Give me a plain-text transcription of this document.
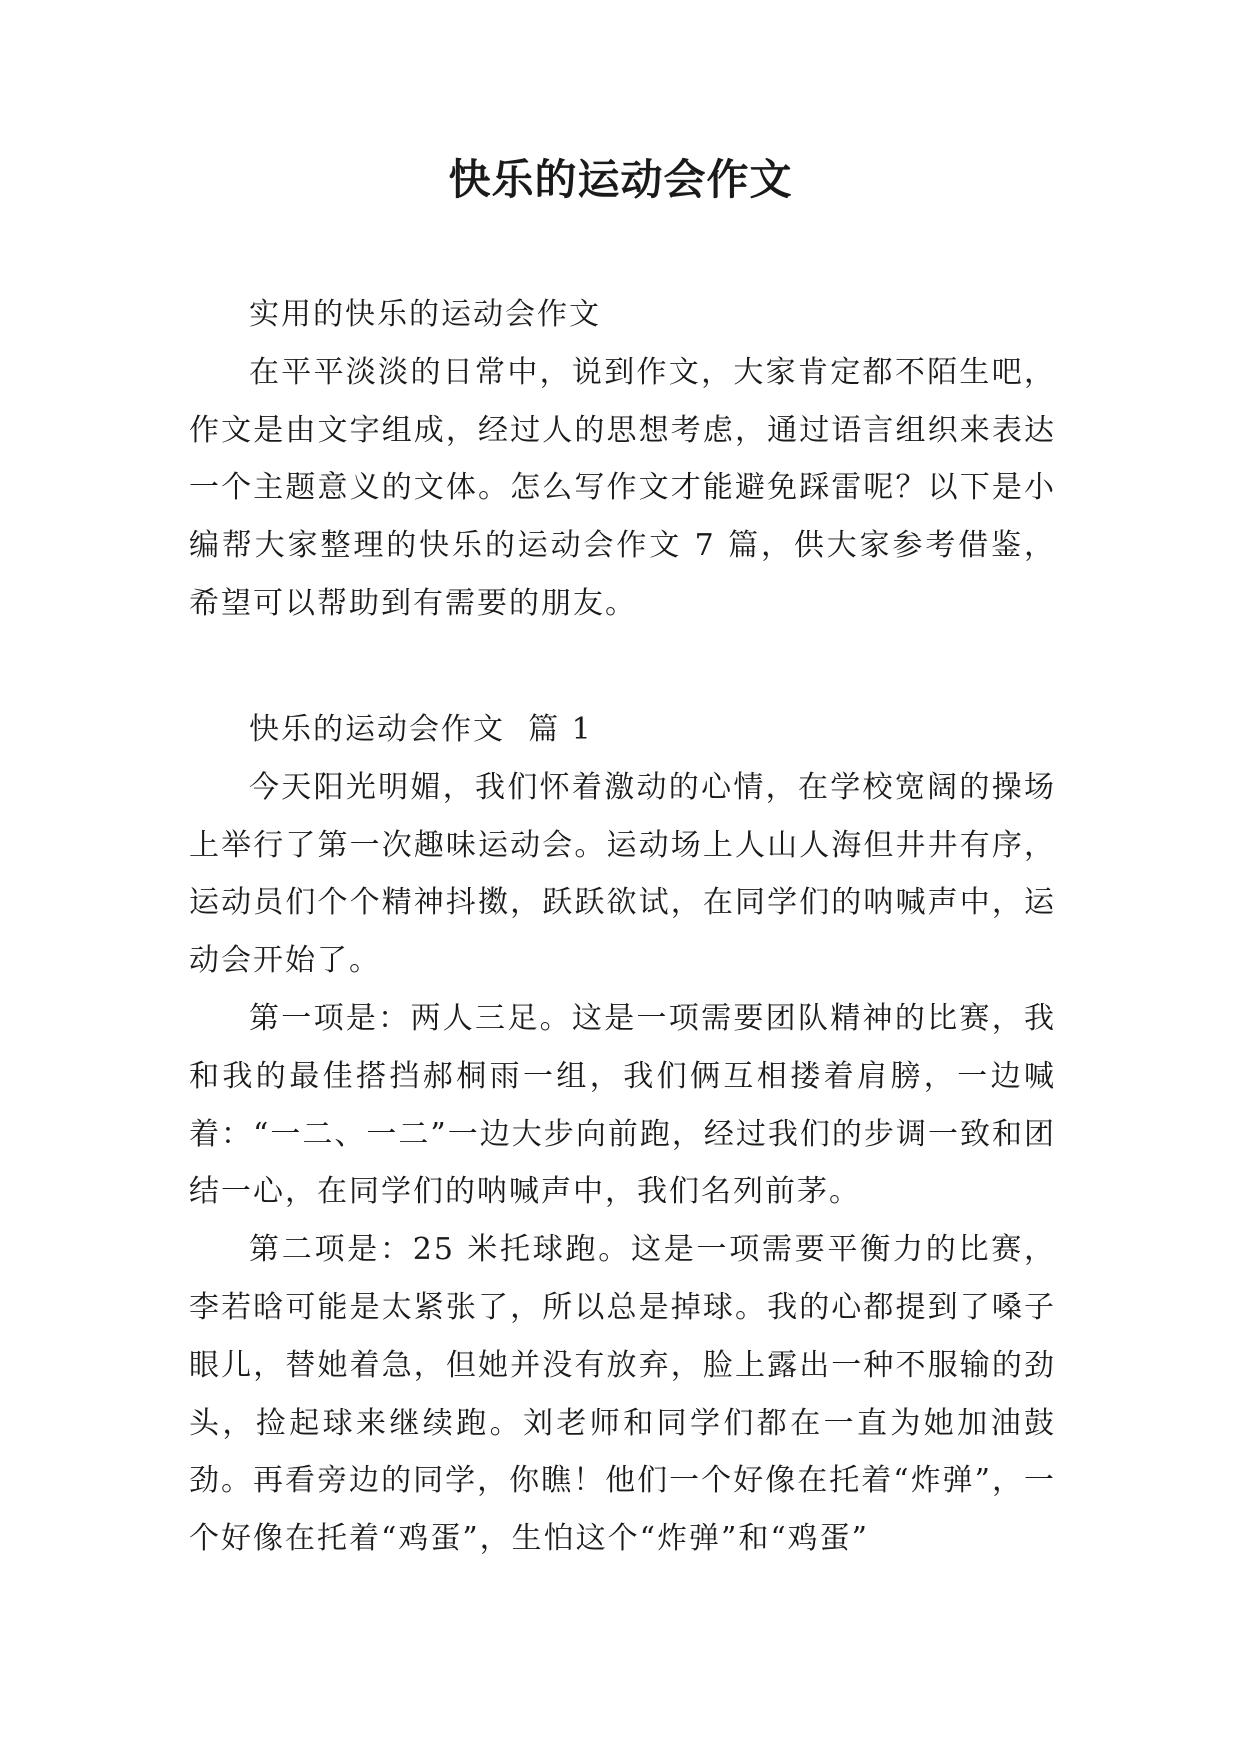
快乐的运动会作文

实用的快乐的运动会作文

在平平淡淡的日常中，说到作文，大家肯定都不陌生吧，作文是由文字组成，经过人的思想考虑，通过语言组织来表达一个主题意义的文体。怎么写作文才能避免踩雷呢？以下是小编帮大家整理的快乐的运动会作文 7 篇，供大家参考借鉴，希望可以帮助到有需要的朋友。

快乐的运动会作文  篇 1

今天阳光明媚，我们怀着激动的心情，在学校宽阔的操场上举行了第一次趣味运动会。运动场上人山人海但井井有序，运动员们个个精神抖擞，跃跃欲试，在同学们的呐喊声中，运动会开始了。

第一项是：两人三足。这是一项需要团队精神的比赛，我和我的最佳搭挡郝桐雨一组，我们俩互相搂着肩膀，一边喊着：“一二、一二”一边大步向前跑，经过我们的步调一致和团结一心，在同学们的呐喊声中，我们名列前茅。

第二项是：25 米托球跑。这是一项需要平衡力的比赛，李若晗可能是太紧张了，所以总是掉球。我的心都提到了嗓子眼儿，替她着急，但她并没有放弃，脸上露出一种不服输的劲头，捡起球来继续跑。刘老师和同学们都在一直为她加油鼓劲。再看旁边的同学，你瞧！他们一个好像在托着“炸弹”，一个好像在托着“鸡蛋”，生怕这个“炸弹”和“鸡蛋”
